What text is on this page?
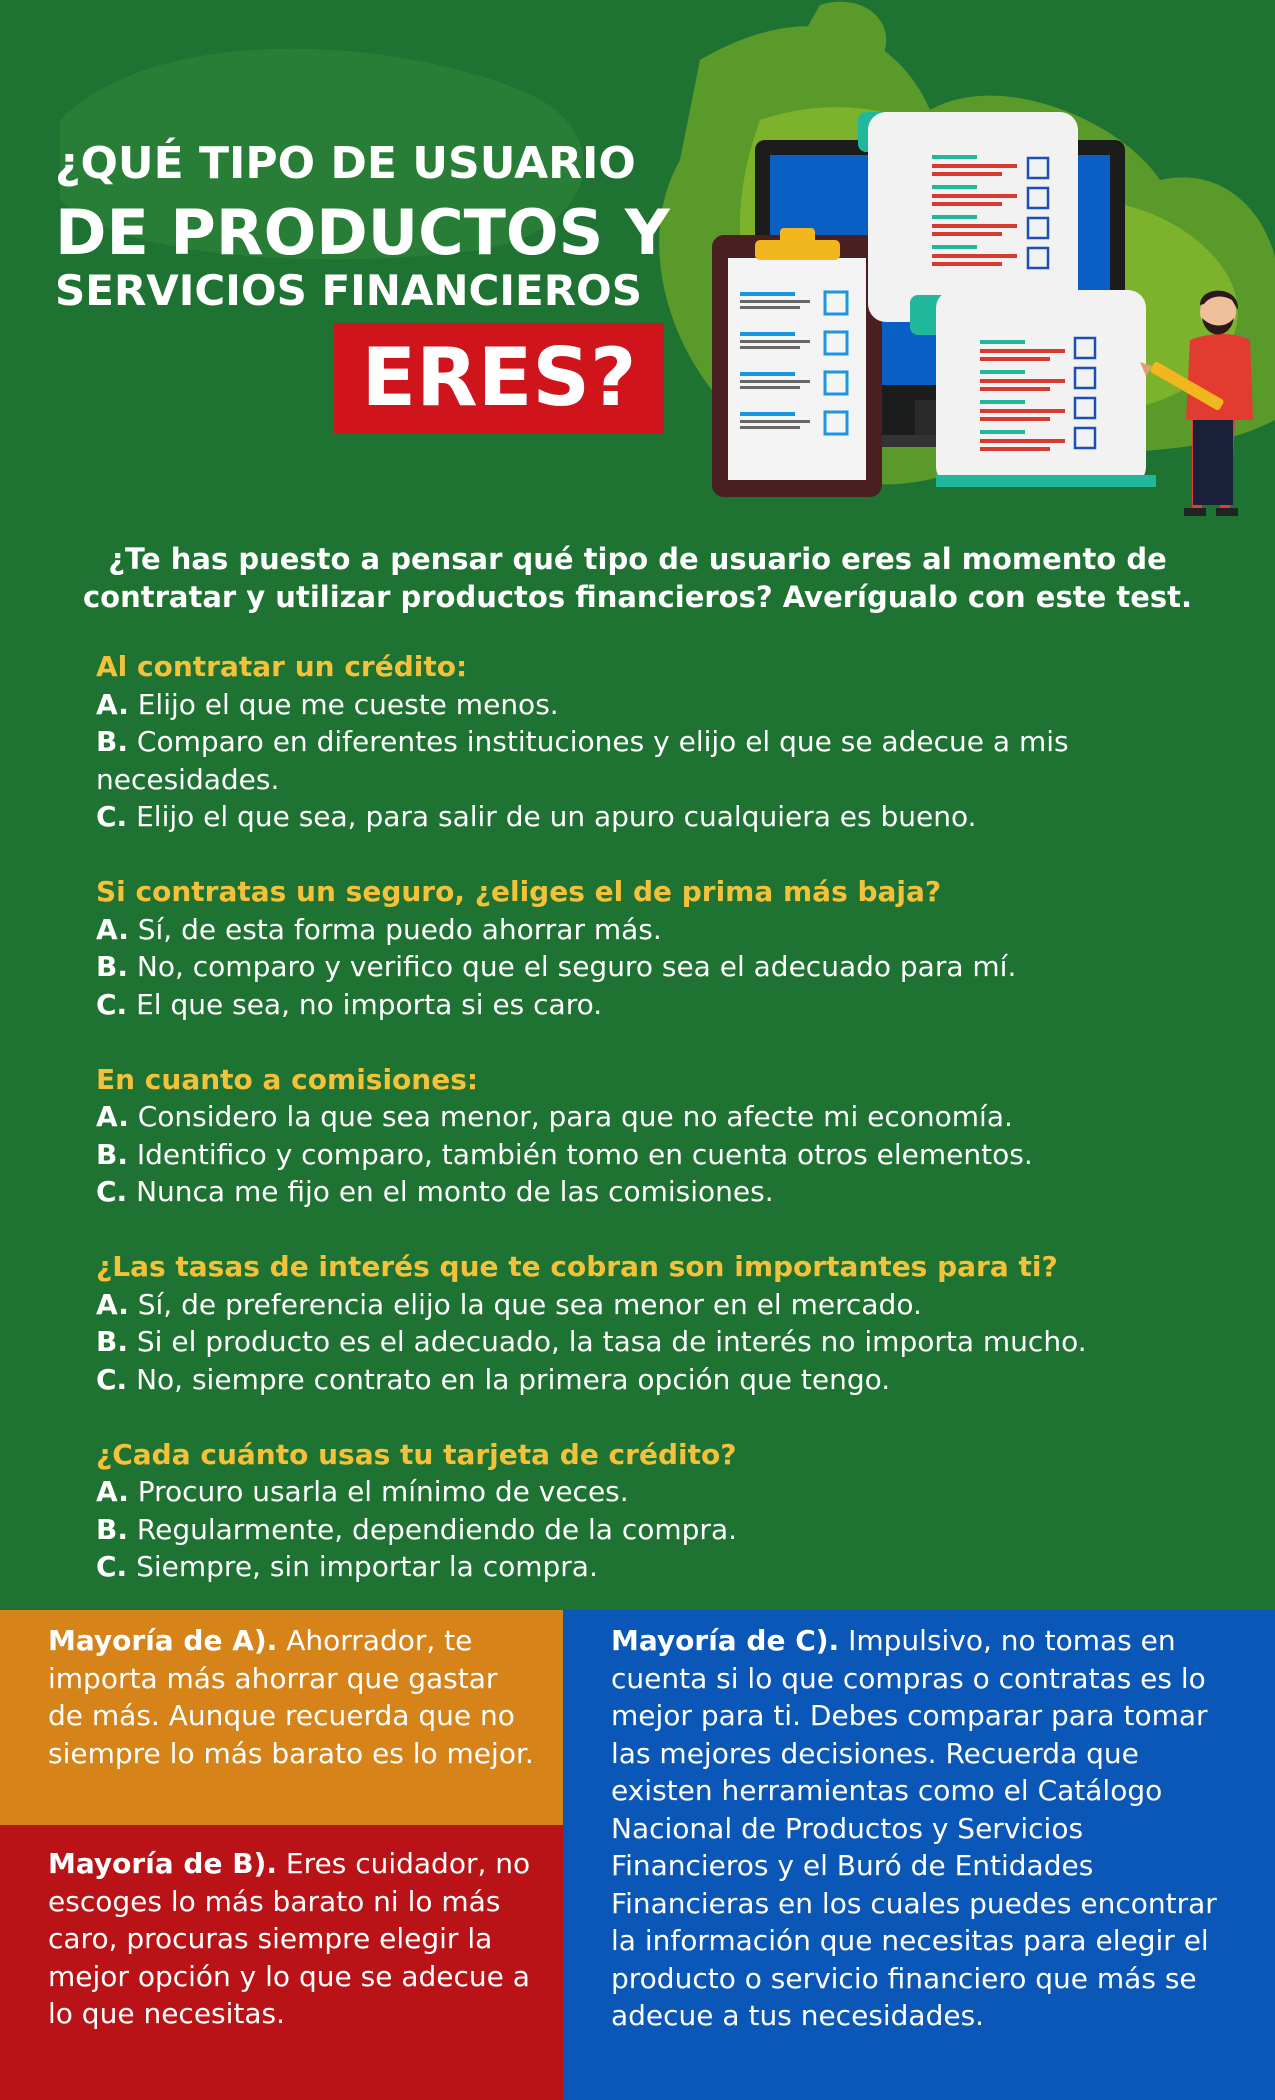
¿QUÉ TIPO DE USUARIO
DE PRODUCTOS Y
SERVICIOS FINANCIEROS
ERES?
¿Te has puesto a pensar qué tipo de usuario eres al momento de contratar y utilizar productos financieros? Averígualo con este test.
Al contratar un crédito:
A. Elijo el que me cueste menos.
B. Comparo en diferentes instituciones y elijo el que se adecue a mis necesidades.
C. Elijo el que sea, para salir de un apuro cualquiera es bueno.
Si contratas un seguro, ¿eliges el de prima más baja?
A. Sí, de esta forma puedo ahorrar más.
B. No, comparo y verifico que el seguro sea el adecuado para mí.
C. El que sea, no importa si es caro.
En cuanto a comisiones:
A. Considero la que sea menor, para que no afecte mi economía.
B. Identifico y comparo, también tomo en cuenta otros elementos.
C. Nunca me fijo en el monto de las comisiones.
¿Las tasas de interés que te cobran son importantes para ti?
A. Sí, de preferencia elijo la que sea menor en el mercado.
B. Si el producto es el adecuado, la tasa de interés no importa mucho.
C. No, siempre contrato en la primera opción que tengo.
¿Cada cuánto usas tu tarjeta de crédito?
A. Procuro usarla el mínimo de veces.
B. Regularmente, dependiendo de la compra.
C. Siempre, sin importar la compra.
Mayoría de A). Ahorrador, te importa más ahorrar que gastar de más. Aunque recuerda que no siempre lo más barato es lo mejor.
Mayoría de B). Eres cuidador, no escoges lo más barato ni lo más caro, procuras siempre elegir la mejor opción y lo que se adecue a lo que necesitas.
Mayoría de C). Impulsivo, no tomas en cuenta si lo que compras o contratas es lo mejor para ti. Debes comparar para tomar las mejores decisiones. Recuerda que existen herramientas como el Catálogo Nacional de Productos y Servicios Financieros y el Buró de Entidades Financieras en los cuales puedes encontrar la información que necesitas para elegir el producto o servicio financiero que más se adecue a tus necesidades.
